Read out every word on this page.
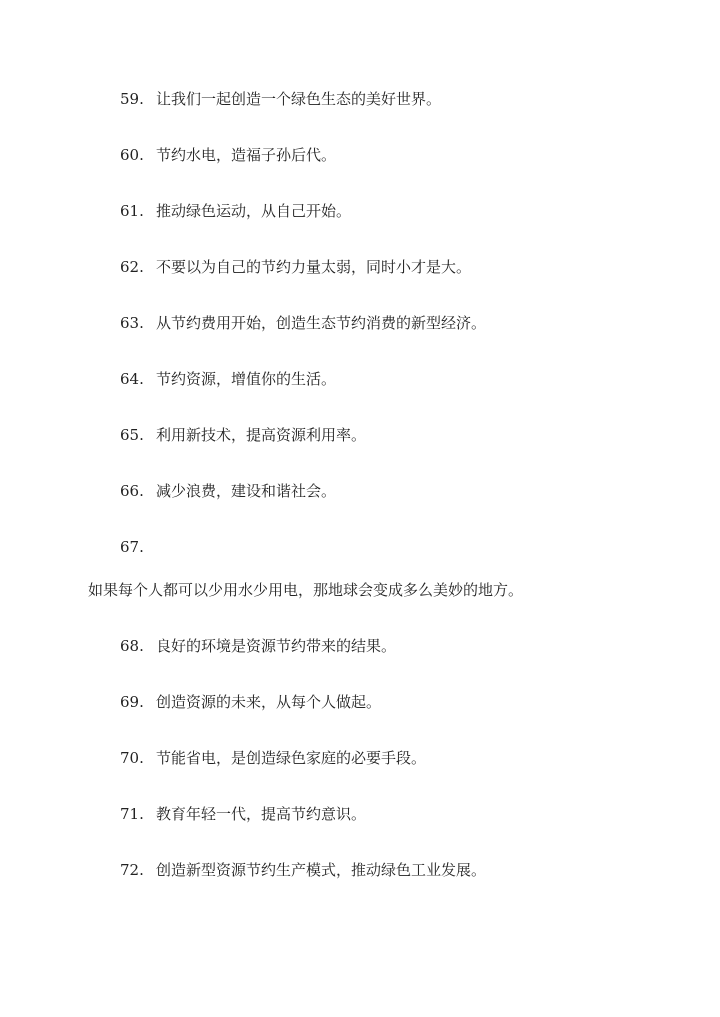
59. 让我们一起创造一个绿色生态的美好世界。
60. 节约水电，造福子孙后代。
61. 推动绿色运动，从自己开始。
62. 不要以为自己的节约力量太弱，同时小才是大。
63. 从节约费用开始，创造生态节约消费的新型经济。
64. 节约资源，增值你的生活。
65. 利用新技术，提高资源利用率。
66. 减少浪费，建设和谐社会。
67.
如果每个人都可以少用水少用电，那地球会变成多么美妙的地方。
68. 良好的环境是资源节约带来的结果。
69. 创造资源的未来，从每个人做起。
70. 节能省电，是创造绿色家庭的必要手段。
71. 教育年轻一代，提高节约意识。
72. 创造新型资源节约生产模式，推动绿色工业发展。
